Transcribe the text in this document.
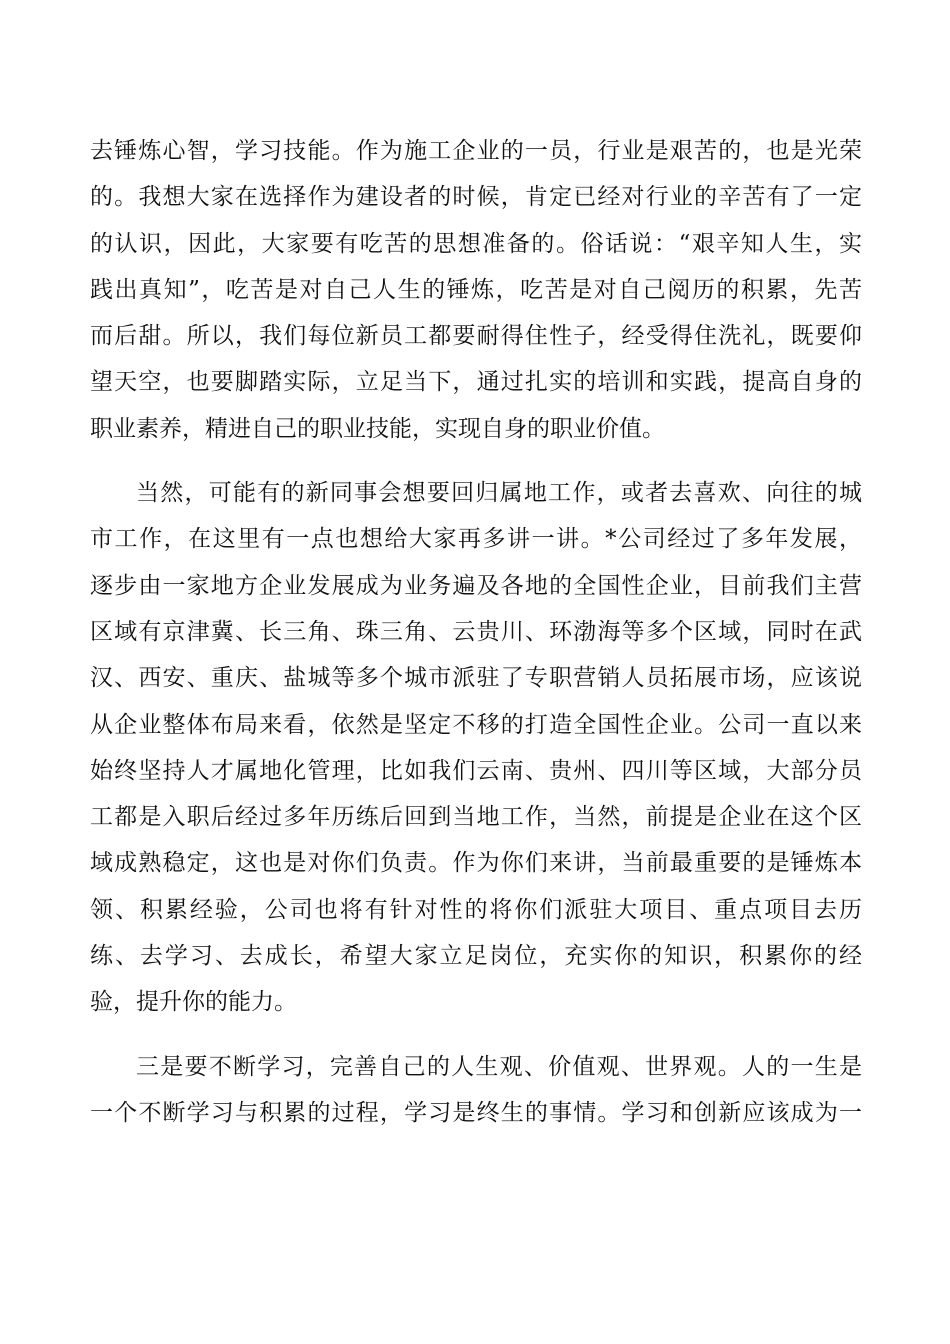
去锤炼心智，学习技能。作为施工企业的一员，行业是艰苦的，也是光荣
的。我想大家在选择作为建设者的时候，肯定已经对行业的辛苦有了一定
的认识，因此，大家要有吃苦的思想准备的。俗话说：“艰辛知人生，实
践出真知”，吃苦是对自己人生的锤炼，吃苦是对自己阅历的积累，先苦
而后甜。所以，我们每位新员工都要耐得住性子，经受得住洗礼，既要仰
望天空，也要脚踏实际，立足当下，通过扎实的培训和实践，提高自身的
职业素养，精进自己的职业技能，实现自身的职业价值。
当然，可能有的新同事会想要回归属地工作，或者去喜欢、向往的城
市工作，在这里有一点也想给大家再多讲一讲。*公司经过了多年发展，
逐步由一家地方企业发展成为业务遍及各地的全国性企业，目前我们主营
区域有京津冀、长三角、珠三角、云贵川、环渤海等多个区域，同时在武
汉、西安、重庆、盐城等多个城市派驻了专职营销人员拓展市场，应该说
从企业整体布局来看，依然是坚定不移的打造全国性企业。公司一直以来
始终坚持人才属地化管理，比如我们云南、贵州、四川等区域，大部分员
工都是入职后经过多年历练后回到当地工作，当然，前提是企业在这个区
域成熟稳定，这也是对你们负责。作为你们来讲，当前最重要的是锤炼本
领、积累经验，公司也将有针对性的将你们派驻大项目、重点项目去历
练、去学习、去成长，希望大家立足岗位，充实你的知识，积累你的经
验，提升你的能力。
三是要不断学习，完善自己的人生观、价值观、世界观。人的一生是
一个不断学习与积累的过程，学习是终生的事情。学习和创新应该成为一
